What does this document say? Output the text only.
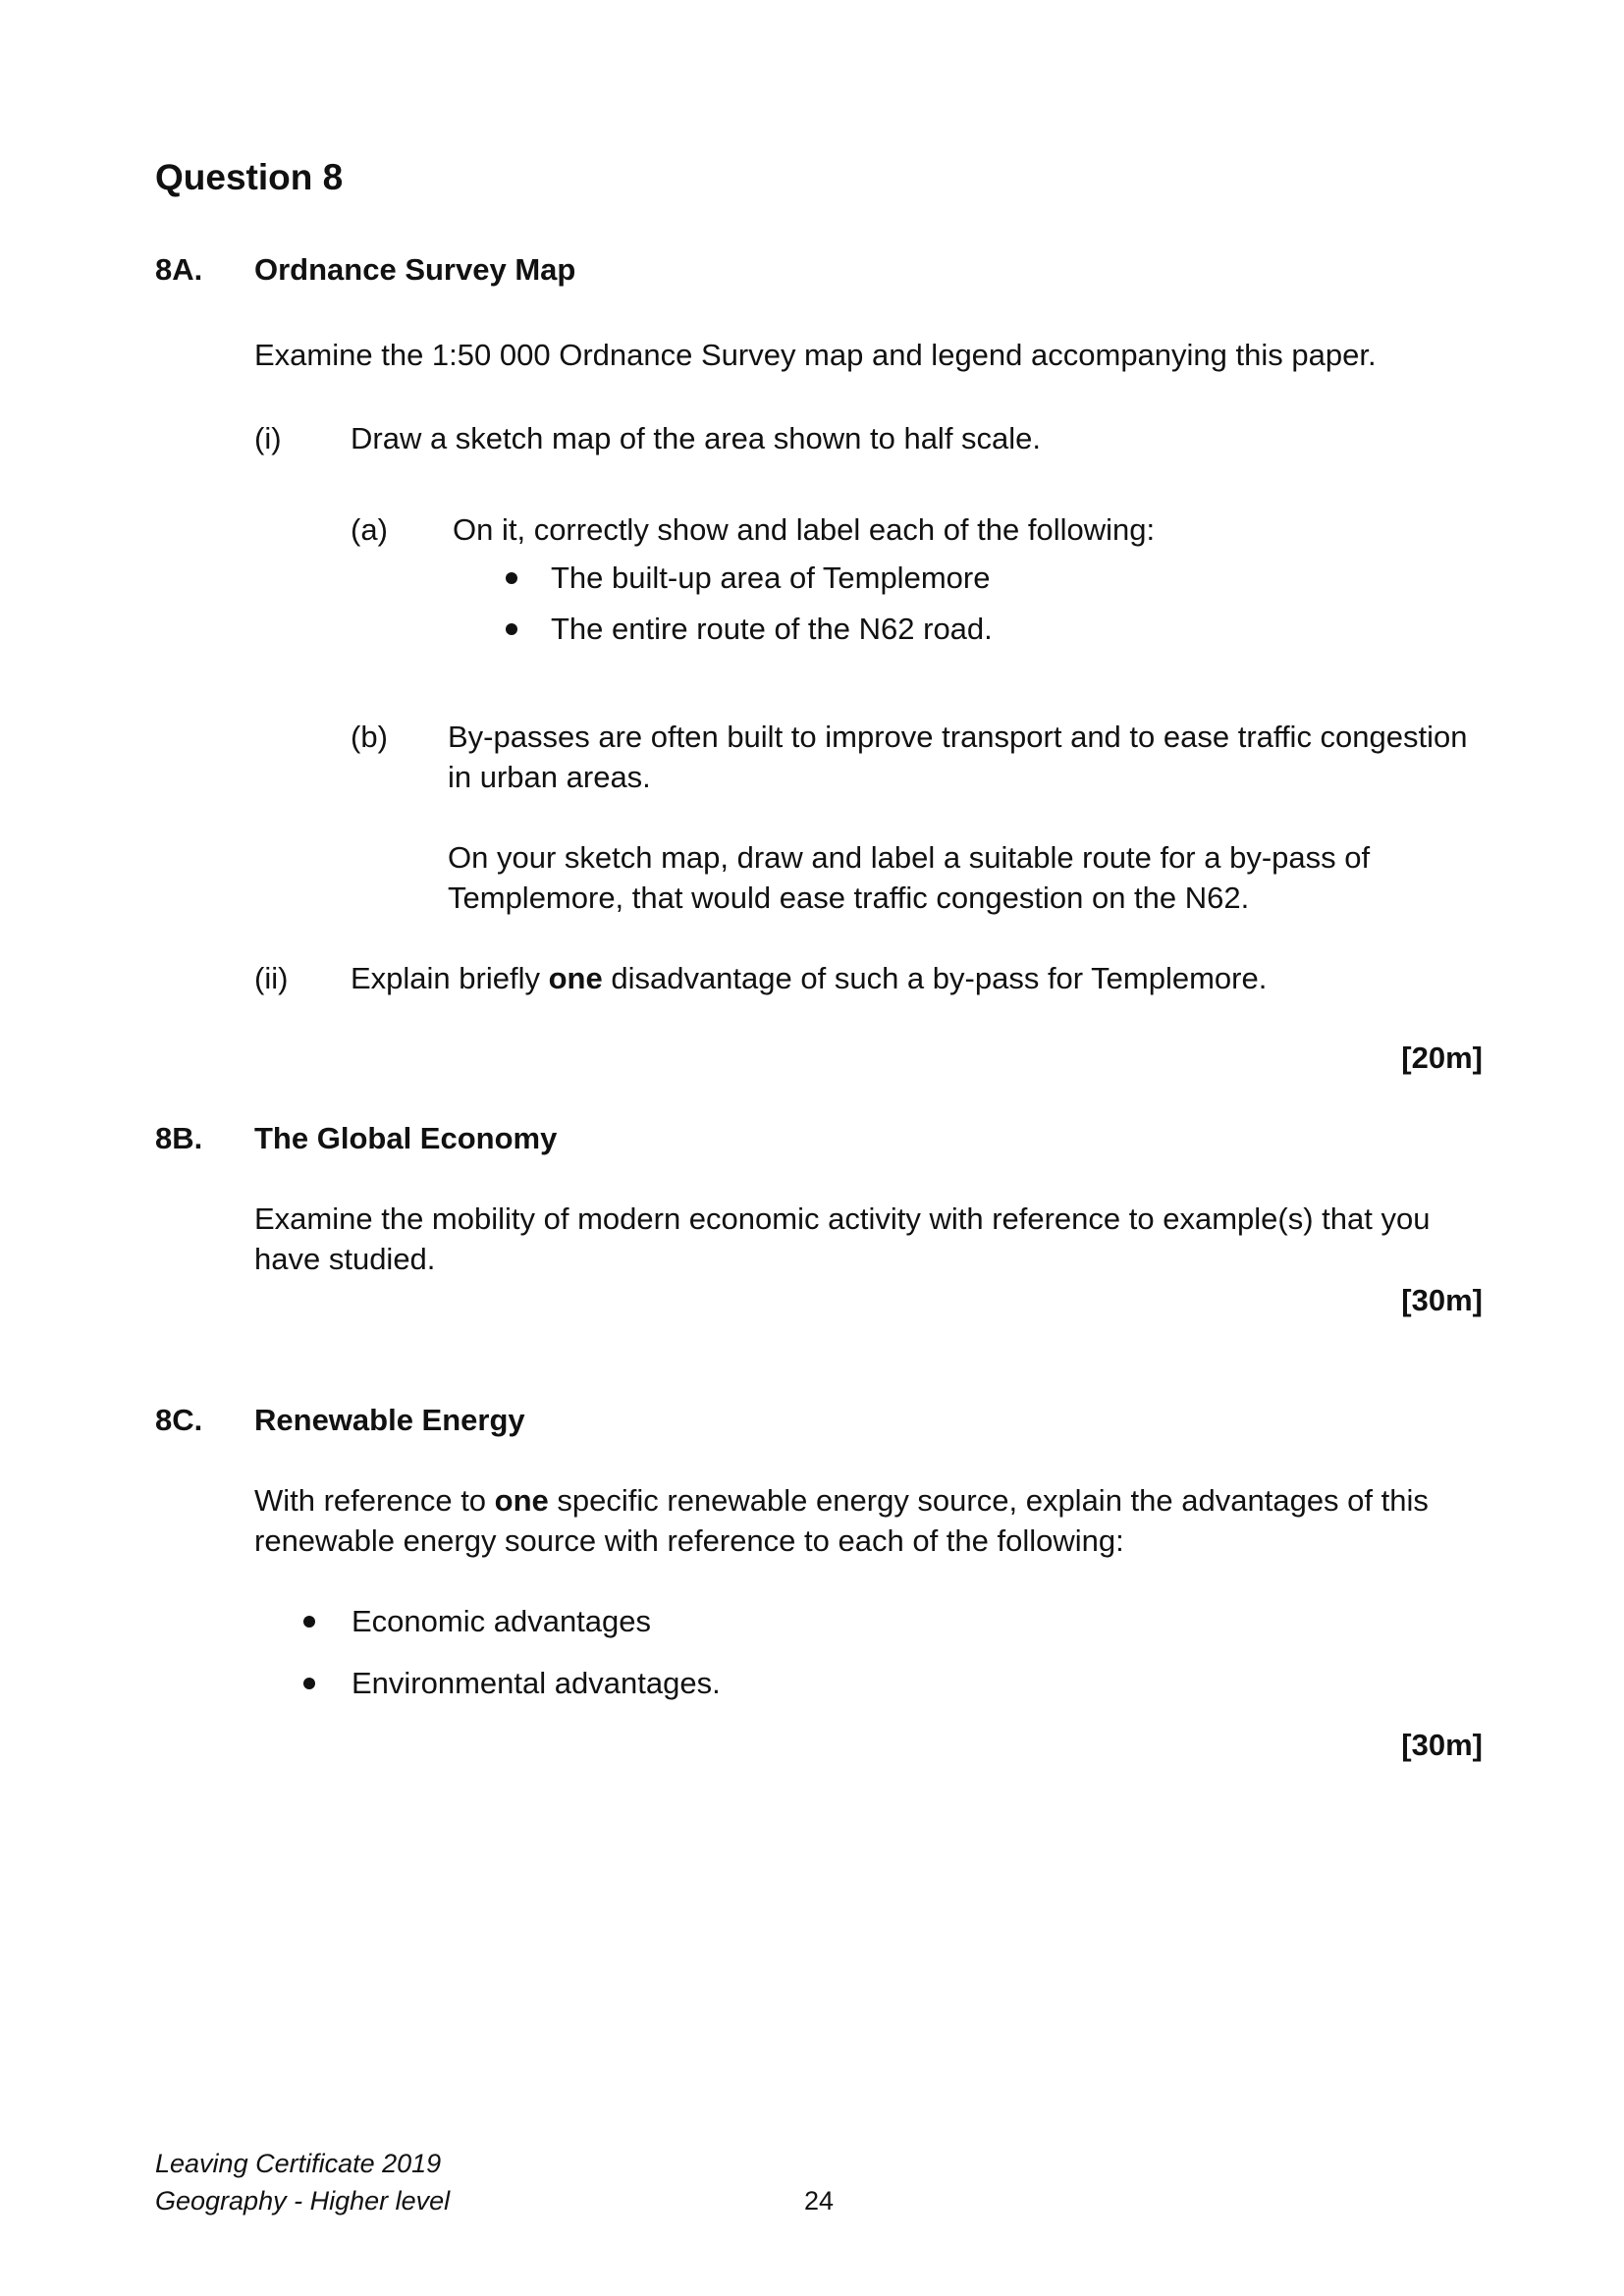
Question 8
8A. Ordnance Survey Map
Examine the 1:50 000 Ordnance Survey map and legend accompanying this paper.
(i) Draw a sketch map of the area shown to half scale.
(a) On it, correctly show and label each of the following:
The built-up area of Templemore
The entire route of the N62 road.
(b) By-passes are often built to improve transport and to ease traffic congestion
in urban areas.
On your sketch map, draw and label a suitable route for a by-pass of
Templemore, that would ease traffic congestion on the N62.
(ii) Explain briefly one disadvantage of such a by-pass for Templemore.
[20m]
8B. The Global Economy
Examine the mobility of modern economic activity with reference to example(s) that you
have studied.
[30m]
8C. Renewable Energy
With reference to one specific renewable energy source, explain the advantages of this
renewable energy source with reference to each of the following:
Economic advantages
Environmental advantages.
[30m]
Leaving Certificate 2019
Geography - Higher level	24
